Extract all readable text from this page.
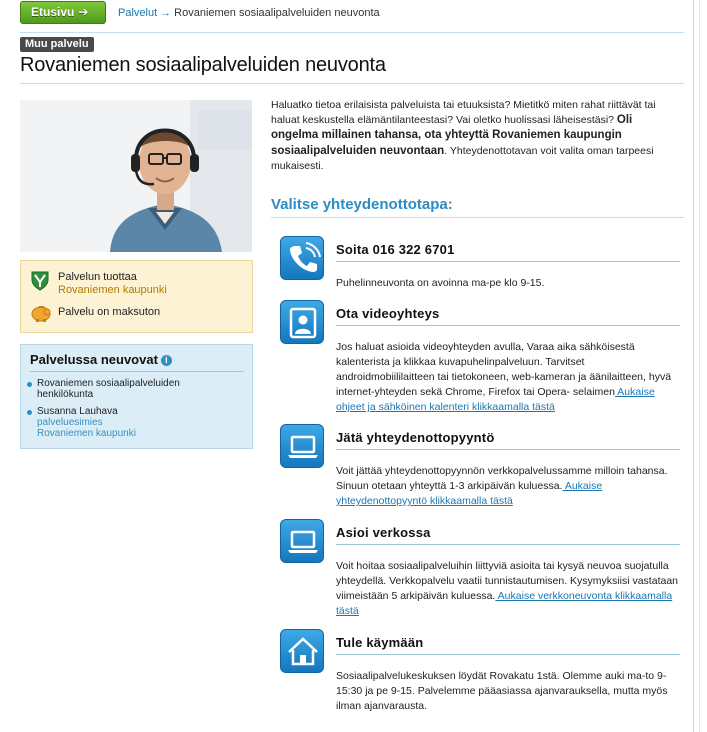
Etusivu ➔	Palvelut → Rovaniemen sosiaalipalveluiden neuvonta
Muu palvelu
Rovaniemen sosiaalipalveluiden neuvonta
Palvelun tuottaa
Rovaniemen kaupunki
Palvelu on maksuton
Palvelussa neuvovat i
Rovaniemen sosiaalipalveluiden
henkilökunta
Susanna Lauhava
palveluesimies
Rovaniemen kaupunki

Haluatko tietoa erilaisista palveluista tai etuuksista? Mietitkö miten rahat riittävät tai haluat keskustella elämäntilanteestasi? Vai oletko huolissasi läheisestäsi? Oli ongelma millainen tahansa, ota yhteyttä Rovaniemen kaupungin sosiaalipalveluiden neuvontaan. Yhteydenottotavan voit valita oman tarpeesi mukaisesti.

Valitse yhteydenottotapa:
Soita 016 322 6701
Puhelinneuvonta on avoinna ma-pe klo 9-15.
Ota videoyhteys
Jos haluat asioida videoyhteyden avulla, Varaa aika sähköisestä kalenterista ja klikkaa kuvapuhelinpalveluun. Tarvitset androidmobiililaitteen tai tietokoneen, web-kameran ja äänilaitteen, hyvä internet-yhteyden sekä Chrome, Firefox tai Opera- selaimen Aukaise ohjeet ja sähköinen kalenteri klikkaamalla tästä
Jätä yhteydenottopyyntö
Voit jättää yhteydenottopyynnön verkkopalvelussamme milloin tahansa. Sinuun otetaan yhteyttä 1-3 arkipäivän kuluessa. Aukaise yhteydenottopyyntö klikkaamalla tästä
Asioi verkossa
Voit hoitaa sosiaalipalveluihin liittyviä asioita tai kysyä neuvoa suojatulla yhteydellä. Verkkopalvelu vaatii tunnistautumisen. Kysymyksiisi vastataan viimeistään 5 arkipäivän kuluessa. Aukaise verkkoneuvonta klikkaamalla tästä
Tule käymään
Sosiaalipalvelukeskuksen löydät Rovakatu 1stä. Olemme auki ma-to 9-15:30 ja pe 9-15. Palvelemme pääasiassa ajanvarauksella, mutta myös ilman ajanvarausta.
